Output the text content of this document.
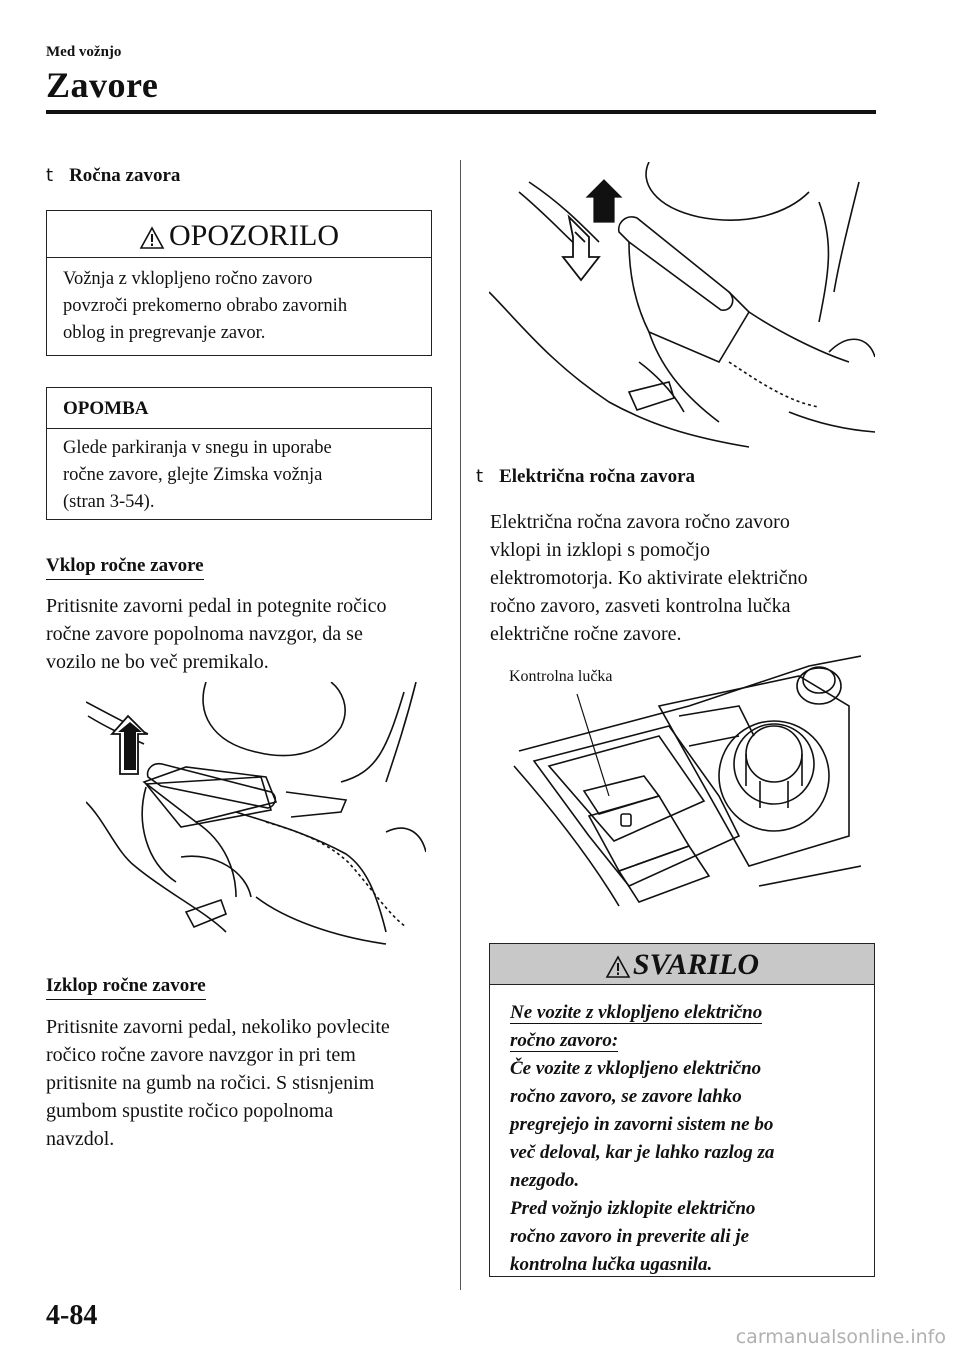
Med vožnjo
Zavore
t Ročna zavora
OPOZORILO
Vožnja z vklopljeno ročno zavoro
povzroči prekomerno obrabo zavornih
oblog in pregrevanje zavor.
OPOMBA
Glede parkiranja v snegu in uporabe
ročne zavore, glejte Zimska vožnja
(stran 3-54).
Vklop ročne zavore
Pritisnite zavorni pedal in potegnite ročico
ročne zavore popolnoma navzgor, da se
vozilo ne bo več premikalo.
Izklop ročne zavore
Pritisnite zavorni pedal, nekoliko povlecite
ročico ročne zavore navzgor in pri tem
pritisnite na gumb na ročici. S stisnjenim
gumbom spustite ročico popolnoma
navzdol.
t Električna ročna zavora
Električna ročna zavora ročno zavoro
vklopi in izklopi s pomočjo
elektromotorja. Ko aktivirate električno
ročno zavoro, zasveti kontrolna lučka
električne ročne zavore.
Kontrolna lučka
SVARILO
Ne vozite z vklopljeno električno
ročno zavoro:
Če vozite z vklopljeno električno
ročno zavoro, se zavore lahko
pregrejejo in zavorni sistem ne bo
več deloval, kar je lahko razlog za
nezgodo.
Pred vožnjo izklopite električno
ročno zavoro in preverite ali je
kontrolna lučka ugasnila.
4-84
carmanualsonline.info
